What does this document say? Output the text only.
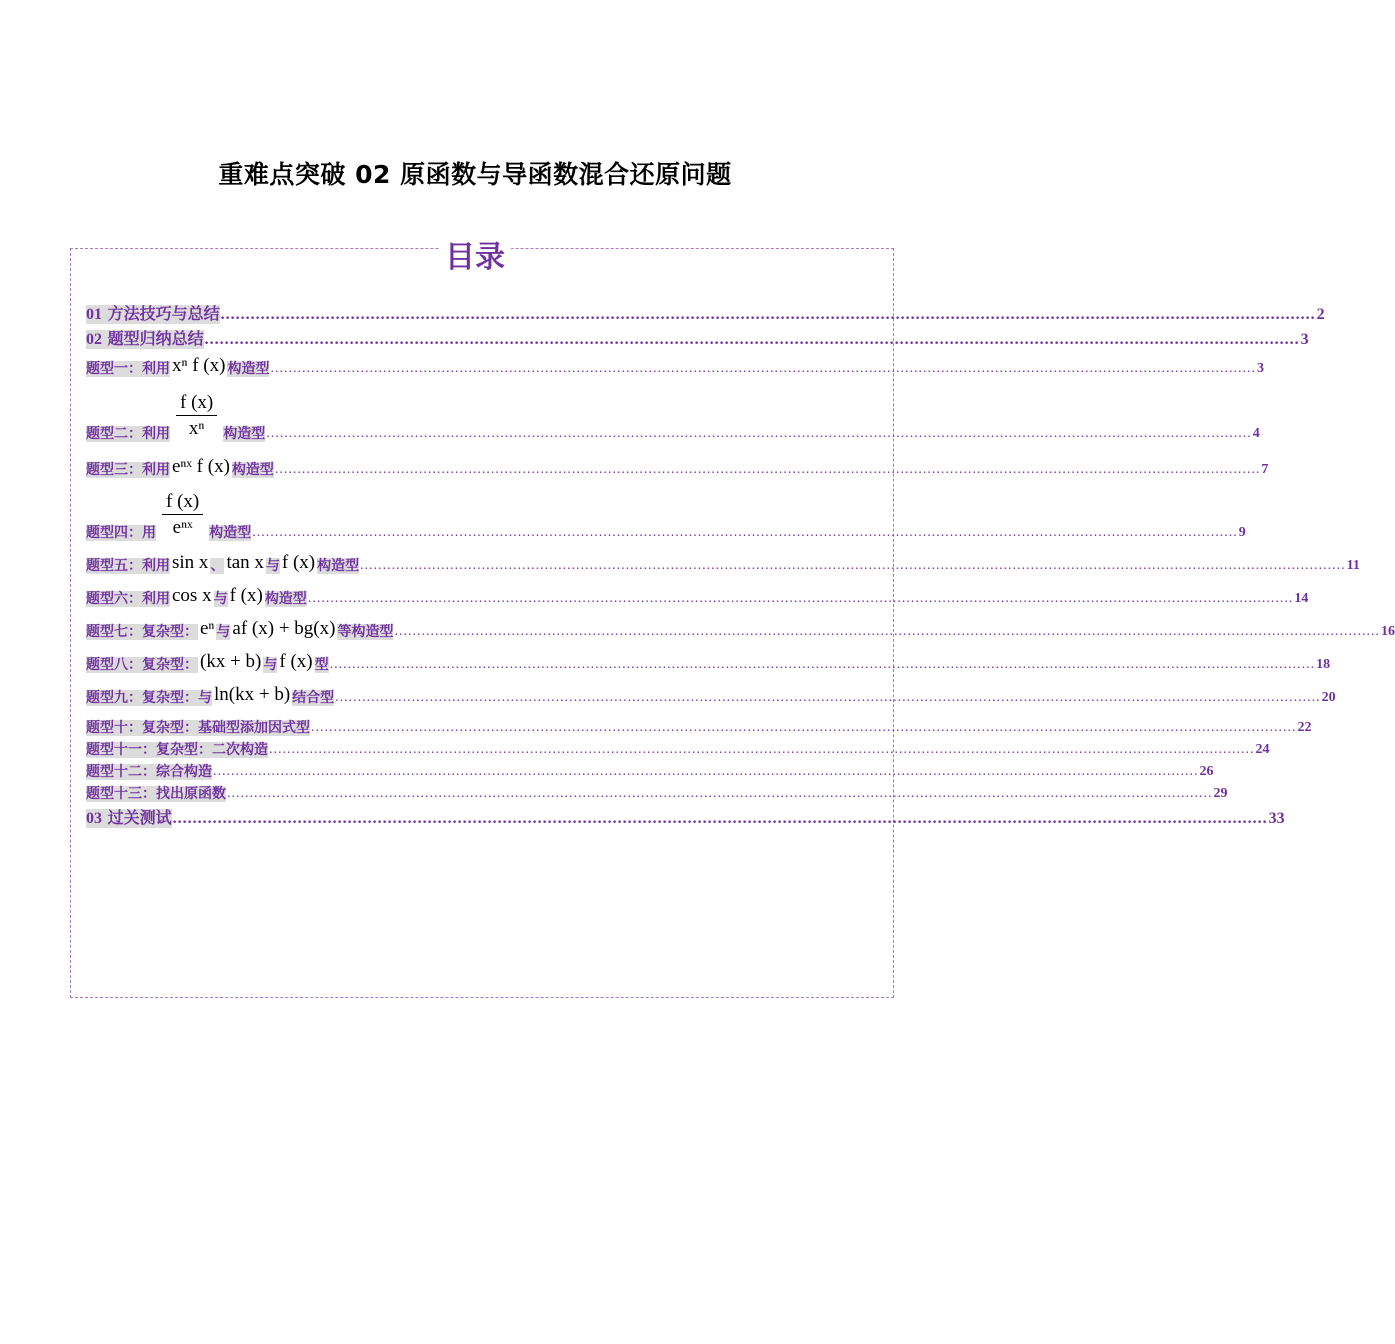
重难点突破 02 原函数与导函数混合还原问题
目录
01 方法技巧与总结 ........................................................................................................................................................................................................................... 2
02 题型归纳总结 ........................................................................................................................................................................................................................... 3
题型一：利用 xⁿ f (x) 构造型 ........................................................................................................................................................................................................................... 3
题型二：利用 $\frac{f (x)}{\text{xⁿ}}$ 构造型 ........................................................................................................................................................................................................................... 4
题型三：利用 eⁿˣ f (x) 构造型 ........................................................................................................................................................................................................................... 7
题型四：用 $\frac{f (x)}{\text{eⁿˣ}}$ 构造型 ........................................................................................................................................................................................................................... 9
题型五：利用 sin x 、 tan x 与 f (x) 构造型 ........................................................................................................................................................................................................................... 11
题型六：利用 cos x 与 f (x) 构造型 ........................................................................................................................................................................................................................... 14
题型七：复杂型： eⁿ 与 af (x) + bg(x) 等构造型 ........................................................................................................................................................................................................................... 16
题型八：复杂型： (kx + b) 与 f (x) 型 ........................................................................................................................................................................................................................... 18
题型九：复杂型：与 ln(kx + b) 结合型 ........................................................................................................................................................................................................................... 20
题型十：复杂型：基础型添加因式型 ........................................................................................................................................................................................................................... 22
题型十一：复杂型：二次构造 ........................................................................................................................................................................................................................... 24
题型十二：综合构造 ........................................................................................................................................................................................................................... 26
题型十三：找出原函数 ........................................................................................................................................................................................................................... 29
03 过关测试 ........................................................................................................................................................................................................................... 33
